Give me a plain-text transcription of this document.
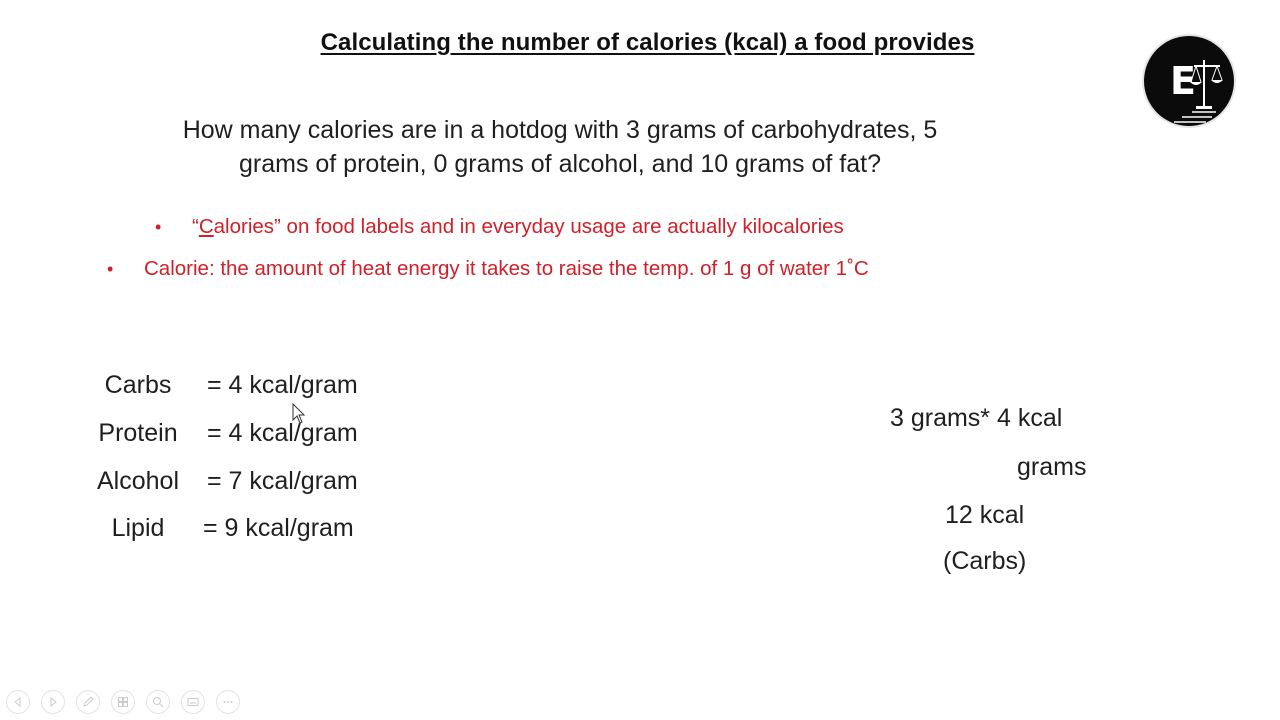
Calculating the number of calories (kcal) a food provides
E
How many calories are in a hotdog with 3 grams of carbohydrates, 5
grams of protein, 0 grams of alcohol, and 10 grams of fat?
• “Calories” on food labels and in everyday usage are actually kilocalories
• Calorie: the amount of heat energy it takes to raise the temp. of 1 g of water 1˚C
Carbs	= 4 kcal/gram
Protein	= 4 kcal/gram
Alcohol	= 7 kcal/gram
Lipid	= 9 kcal/gram
3 grams* 4 kcal
grams
12 kcal
(Carbs)
